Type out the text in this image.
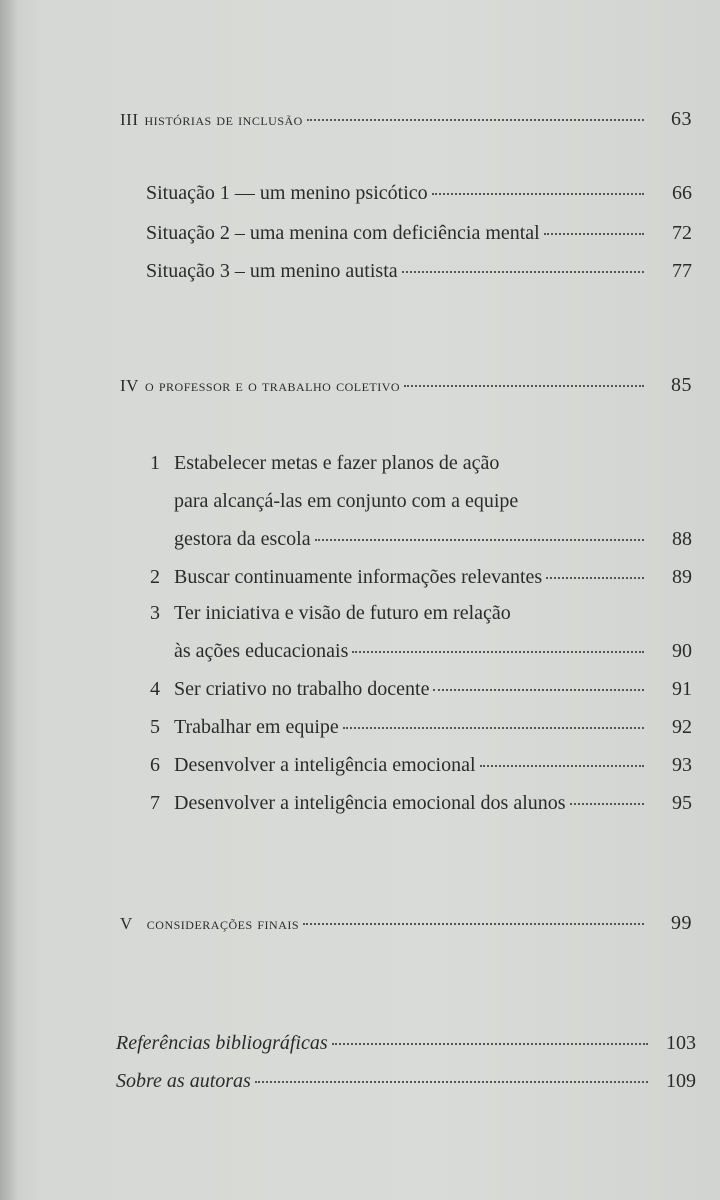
III histórias de inclusão	63
Situação 1 — um menino psicótico	66
Situação 2 – uma menina com deficiência mental	72
Situação 3 – um menino autista	77
IV o professor e o trabalho coletivo	85
1 Estabelecer metas e fazer planos de ação
para alcançá-las em conjunto com a equipe
gestora da escola	88
2 Buscar continuamente informações relevantes	89
3 Ter iniciativa e visão de futuro em relação
às ações educacionais	90
4 Ser criativo no trabalho docente	91
5 Trabalhar em equipe	92
6 Desenvolver a inteligência emocional	93
7 Desenvolver a inteligência emocional dos alunos	95
V considerações finais	99
Referências bibliográficas	103
Sobre as autoras	109
